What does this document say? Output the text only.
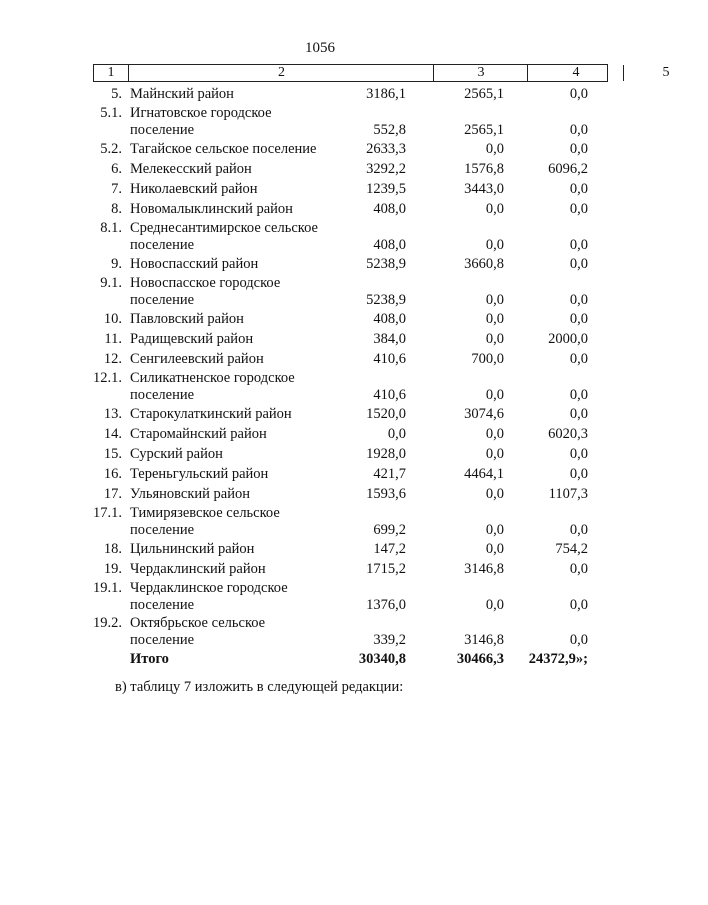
1056
1	2	3	4	5
5. Майнский район	3186,1	2565,1	0,0
5.1. Игнатовское городское
поселение	552,8	2565,1	0,0
5.2. Тагайское сельское поселение	2633,3	0,0	0,0
6. Мелекесский район	3292,2	1576,8	6096,2
7. Николаевский район	1239,5	3443,0	0,0
8. Новомалыклинский район	408,0	0,0	0,0
8.1. Среднесантимирское сельское
поселение	408,0	0,0	0,0
9. Новоспасский район	5238,9	3660,8	0,0
9.1. Новоспасское городское
поселение	5238,9	0,0	0,0
10. Павловский район	408,0	0,0	0,0
11. Радищевский район	384,0	0,0	2000,0
12. Сенгилеевский район	410,6	700,0	0,0
12.1. Силикатненское городское
поселение	410,6	0,0	0,0
13. Старокулаткинский район	1520,0	3074,6	0,0
14. Старомайнский район	0,0	0,0	6020,3
15. Сурский район	1928,0	0,0	0,0
16. Тереньгульский район	421,7	4464,1	0,0
17. Ульяновский район	1593,6	0,0	1107,3
17.1. Тимирязевское сельское
поселение	699,2	0,0	0,0
18. Цильнинский район	147,2	0,0	754,2
19. Чердаклинский район	1715,2	3146,8	0,0
19.1. Чердаклинское городское
поселение	1376,0	0,0	0,0
19.2. Октябрьское сельское
поселение	339,2	3146,8	0,0
Итого	30340,8	30466,3 24372,9»;
в) таблицу 7 изложить в следующей редакции:
